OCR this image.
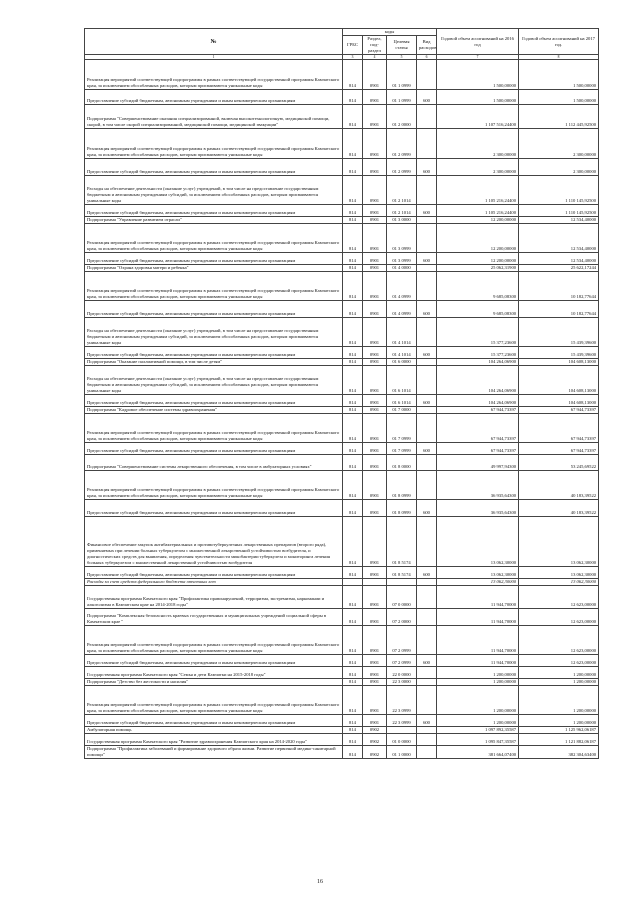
№	коды				Годовой объем ассигнований на 2016 год	Годовой объем ассигнований на 2017 год.
	ГРБС	Раздел, под-раздел	Целевая статья	Вид расходов		
1	3	4	5	6	7	8
Реализация мероприятий соответствующей подпрограммы в рамках соответствующей государственной программы Камчатского края, за исключением обособленных расходов, которым присваиваются уникальные коды	814	0901	01 1 0999		1 500,00000	1 500,00000
Предоставление субсидий бюджетным, автономным учреждениям и иным некоммерческим организациям	814	0901	01 1 0999	600	1 500,00000	1 500,00000
Подпрограмма "Совершенствование оказания специализированной, включая высокотехнологичную, медицинской помощи, скорой, в том числе скорой специализированной, медицинской помощи, медицинской эвакуации"	814	0901	01 2 0000		1 107 516,24400	1 112 445,92500
Реализация мероприятий соответствующей подпрограммы в рамках соответствующей государственной программы Камчатского края, за исключением обособленных расходов, которым присваиваются уникальные коды	814	0901	01 2 0999		2 300,00000	2 300,00000
Предоставление субсидий бюджетным, автономным учреждениям и иным некоммерческим организациям	814	0901	01 2 0999	600	2 300,00000	2 300,00000
Расходы на обеспечение деятельности (оказание услуг) учреждений, в том числе на предоставление государственным бюджетным и автономным учреждениям субсидий, за исключением обособленных расходов, которым присваиваются уникальные коды	814	0901	01 2 1014		1 105 216,24400	1 110 145,92500
Предоставление субсидий бюджетным, автономным учреждениям и иным некоммерческим организациям	814	0901	01 2 1014	600	1 105 216,24400	1 110 145,92500
Подпрограмма "Управление развитием отрасли"	814	0901	01 3 0000		12 200,00000	12 534,40000
Реализация мероприятий соответствующей подпрограммы в рамках соответствующей государственной программы Камчатского края, за исключением обособленных расходов, которым присваиваются уникальные коды	814	0901	01 3 0999		12 200,00000	12 534,40000
Предоставление субсидий бюджетным, автономным учреждениям и иным некоммерческим организациям	814	0901	01 3 0999	600	12 200,00000	12 534,40000
Подпрограмма "Охрана здоровья матери и ребенка"	814	0901	01 4 0000		25 062,31900	25 622,17244
Реализация мероприятий соответствующей подпрограммы в рамках соответствующей государственной программы Камчатского края, за исключением обособленных расходов, которым присваиваются уникальные коды	814	0901	01 4 0999		9 685,08300	10 182,77644
Предоставление субсидий бюджетным, автономным учреждениям и иным некоммерческим организациям	814	0901	01 4 0999	600	9 685,08300	10 182,77644
Расходы на обеспечение деятельности (оказание услуг) учреждений, в том числе на предоставление государственным бюджетным и автономным учреждениям субсидий, за исключением обособленных расходов, которым присваиваются уникальные коды	814	0901	01 4 1014		15 377,23600	15 439,39600
Предоставление субсидий бюджетным, автономным учреждениям и иным некоммерческим организациям	814	0901	01 4 1014	600	15 377,23600	15 439,39600
Подпрограмма "Оказание паллиативной помощи, в том числе детям"	814	0901	01 6 0000		104 264,06900	104 608,13000
Расходы на обеспечение деятельности (оказание услуг) учреждений, в том числе на предоставление государственным бюджетным и автономным учреждениям субсидий, за исключением обособленных расходов, которым присваиваются уникальные коды	814	0901	01 6 1014		104 264,06900	104 608,13000
Предоставление субсидий бюджетным, автономным учреждениям и иным некоммерческим организациям	814	0901	01 6 1014	600	104 264,06900	104 608,13000
Подпрограмма "Кадровое обеспечение системы здравоохранения"	814	0901	01 7 0000		67 944,73397	67 944,73397
Реализация мероприятий соответствующей подпрограммы в рамках соответствующей государственной программы Камчатского края, за исключением обособленных расходов, которым присваиваются уникальные коды	814	0901	01 7 0999		67 944,73397	67 944,73397
Предоставление субсидий бюджетным, автономным учреждениям и иным некоммерческим организациям	814	0901	01 7 0999	600	67 944,73397	67 944,73397
Подпрограмма "Совершенствование системы лекарственного обеспечения, в том числе в амбулаторных условиях"	814	0901	01 8 0000		49 997,94300	53 245,69522
Реализация мероприятий соответствующей подпрограммы в рамках соответствующей государственной программы Камчатского края, за исключением обособленных расходов, которым присваиваются уникальные коды	814	0901	01 8 0999		36 935,64300	40 183,39522
Предоставление субсидий бюджетным, автономным учреждениям и иным некоммерческим организациям	814	0901	01 8 0999	600	36 935,64300	40 183,39522
Финансовое обеспечение закупок антибактериальных и противотуберкулезных лекарственных препаратов (второго ряда), применяемых при лечении больных туберкулезом с множественной лекарственной устойчивостью возбудителя, и диагностических средств для выявления, определения чувствительности микобактерии туберкулеза и мониторинга лечения больных туберкулезом с множественной лекарственной устойчивостью возбудителя	814	0901	01 8 5174		13 062,30000	13 062,30000
Предоставление субсидий бюджетным, автономным учреждениям и иным некоммерческим организациям	814	0901	01 8 5174	600	13 062,30000	13 062,30000
Расходы за счет средств федерального бюджета отчетных лет					13 062,30000	13 062,30000
Государственная программа Камчатского края "Профилактика правонарушений, терроризма, экстремизма, наркомании и алкоголизма в Камчатском крае на 2014-2018 годы"	814	0901	07 0 0000		11 944,70000	12 623,00000
Подпрограмма "Комплексная безопасность краевых государственных и муниципальных учреждений социальной сферы в Камчатском крае "	814	0901	07 2 0000		11 944,70000	12 623,00000
Реализация мероприятий соответствующей подпрограммы в рамках соответствующей государственной программы Камчатского края, за исключением обособленных расходов, которым присваиваются уникальные коды	814	0901	07 2 0999		11 944,70000	12 623,00000
Предоставление субсидий бюджетным, автономным учреждениям и иным некоммерческим организациям	814	0901	07 2 0999	600	11 944,70000	12 623,00000
Государственная программа Камчатского края "Семья и дети Камчатки на 2015-2018 годы"	814	0901	22 0 0000		1 200,00000	1 200,00000
Подпрограмма "Детство без жестокости и насилия"	814	0901	22 3 0000		1 200,00000	1 200,00000
Реализация мероприятий соответствующей подпрограммы в рамках соответствующей государственной программы Камчатского края, за исключением обособленных расходов, которым присваиваются уникальные коды	814	0901	22 3 0999		1 200,00000	1 200,00000
Предоставление субсидий бюджетным, автономным учреждениям и иным некоммерческим организациям	814	0901	22 3 0999	600	1 200,00000	1 200,00000
Амбулаторная помощь	814	0902			1 097 892,35587	1 125 962,06187
Государственная программа Камчатского края "Развитие здравоохранения Камчатского края на 2014-2020 годы"	814	0902	01 0 0000		1 095 847,35587	1 121 882,06187
Подпрограмма "Профилактика заболеваний и формирование здорового образа жизни. Развитие первичной медико-санитарной помощи"	814	0902	01 1 0000		381 664,07400	382 304,63400
16
